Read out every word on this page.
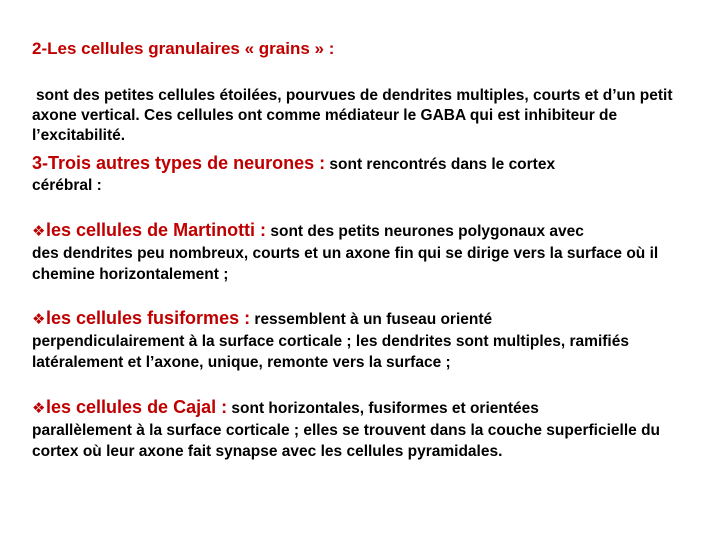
2-Les cellules granulaires « grains » :

sont des petites cellules étoilées, pourvues de dendrites multiples, courts et d’un petit axone vertical. Ces cellules ont comme médiateur le GABA qui est inhibiteur de l’excitabilité.

3-Trois autres types de neurones : sont rencontrés dans le cortex
cérébral :

❖les cellules de Martinotti : sont des petits neurones polygonaux avec
des dendrites peu nombreux, courts et un axone fin qui se dirige vers la surface où il chemine horizontalement ;

❖les cellules fusiformes : ressemblent à un fuseau orienté
perpendiculairement à la surface corticale ; les dendrites sont multiples, ramifiés latéralement et l’axone, unique, remonte vers la surface ;

❖les cellules de Cajal : sont horizontales, fusiformes et orientées
parallèlement à la surface corticale ; elles se trouvent dans la couche superficielle du cortex où leur axone fait synapse avec les cellules pyramidales.
